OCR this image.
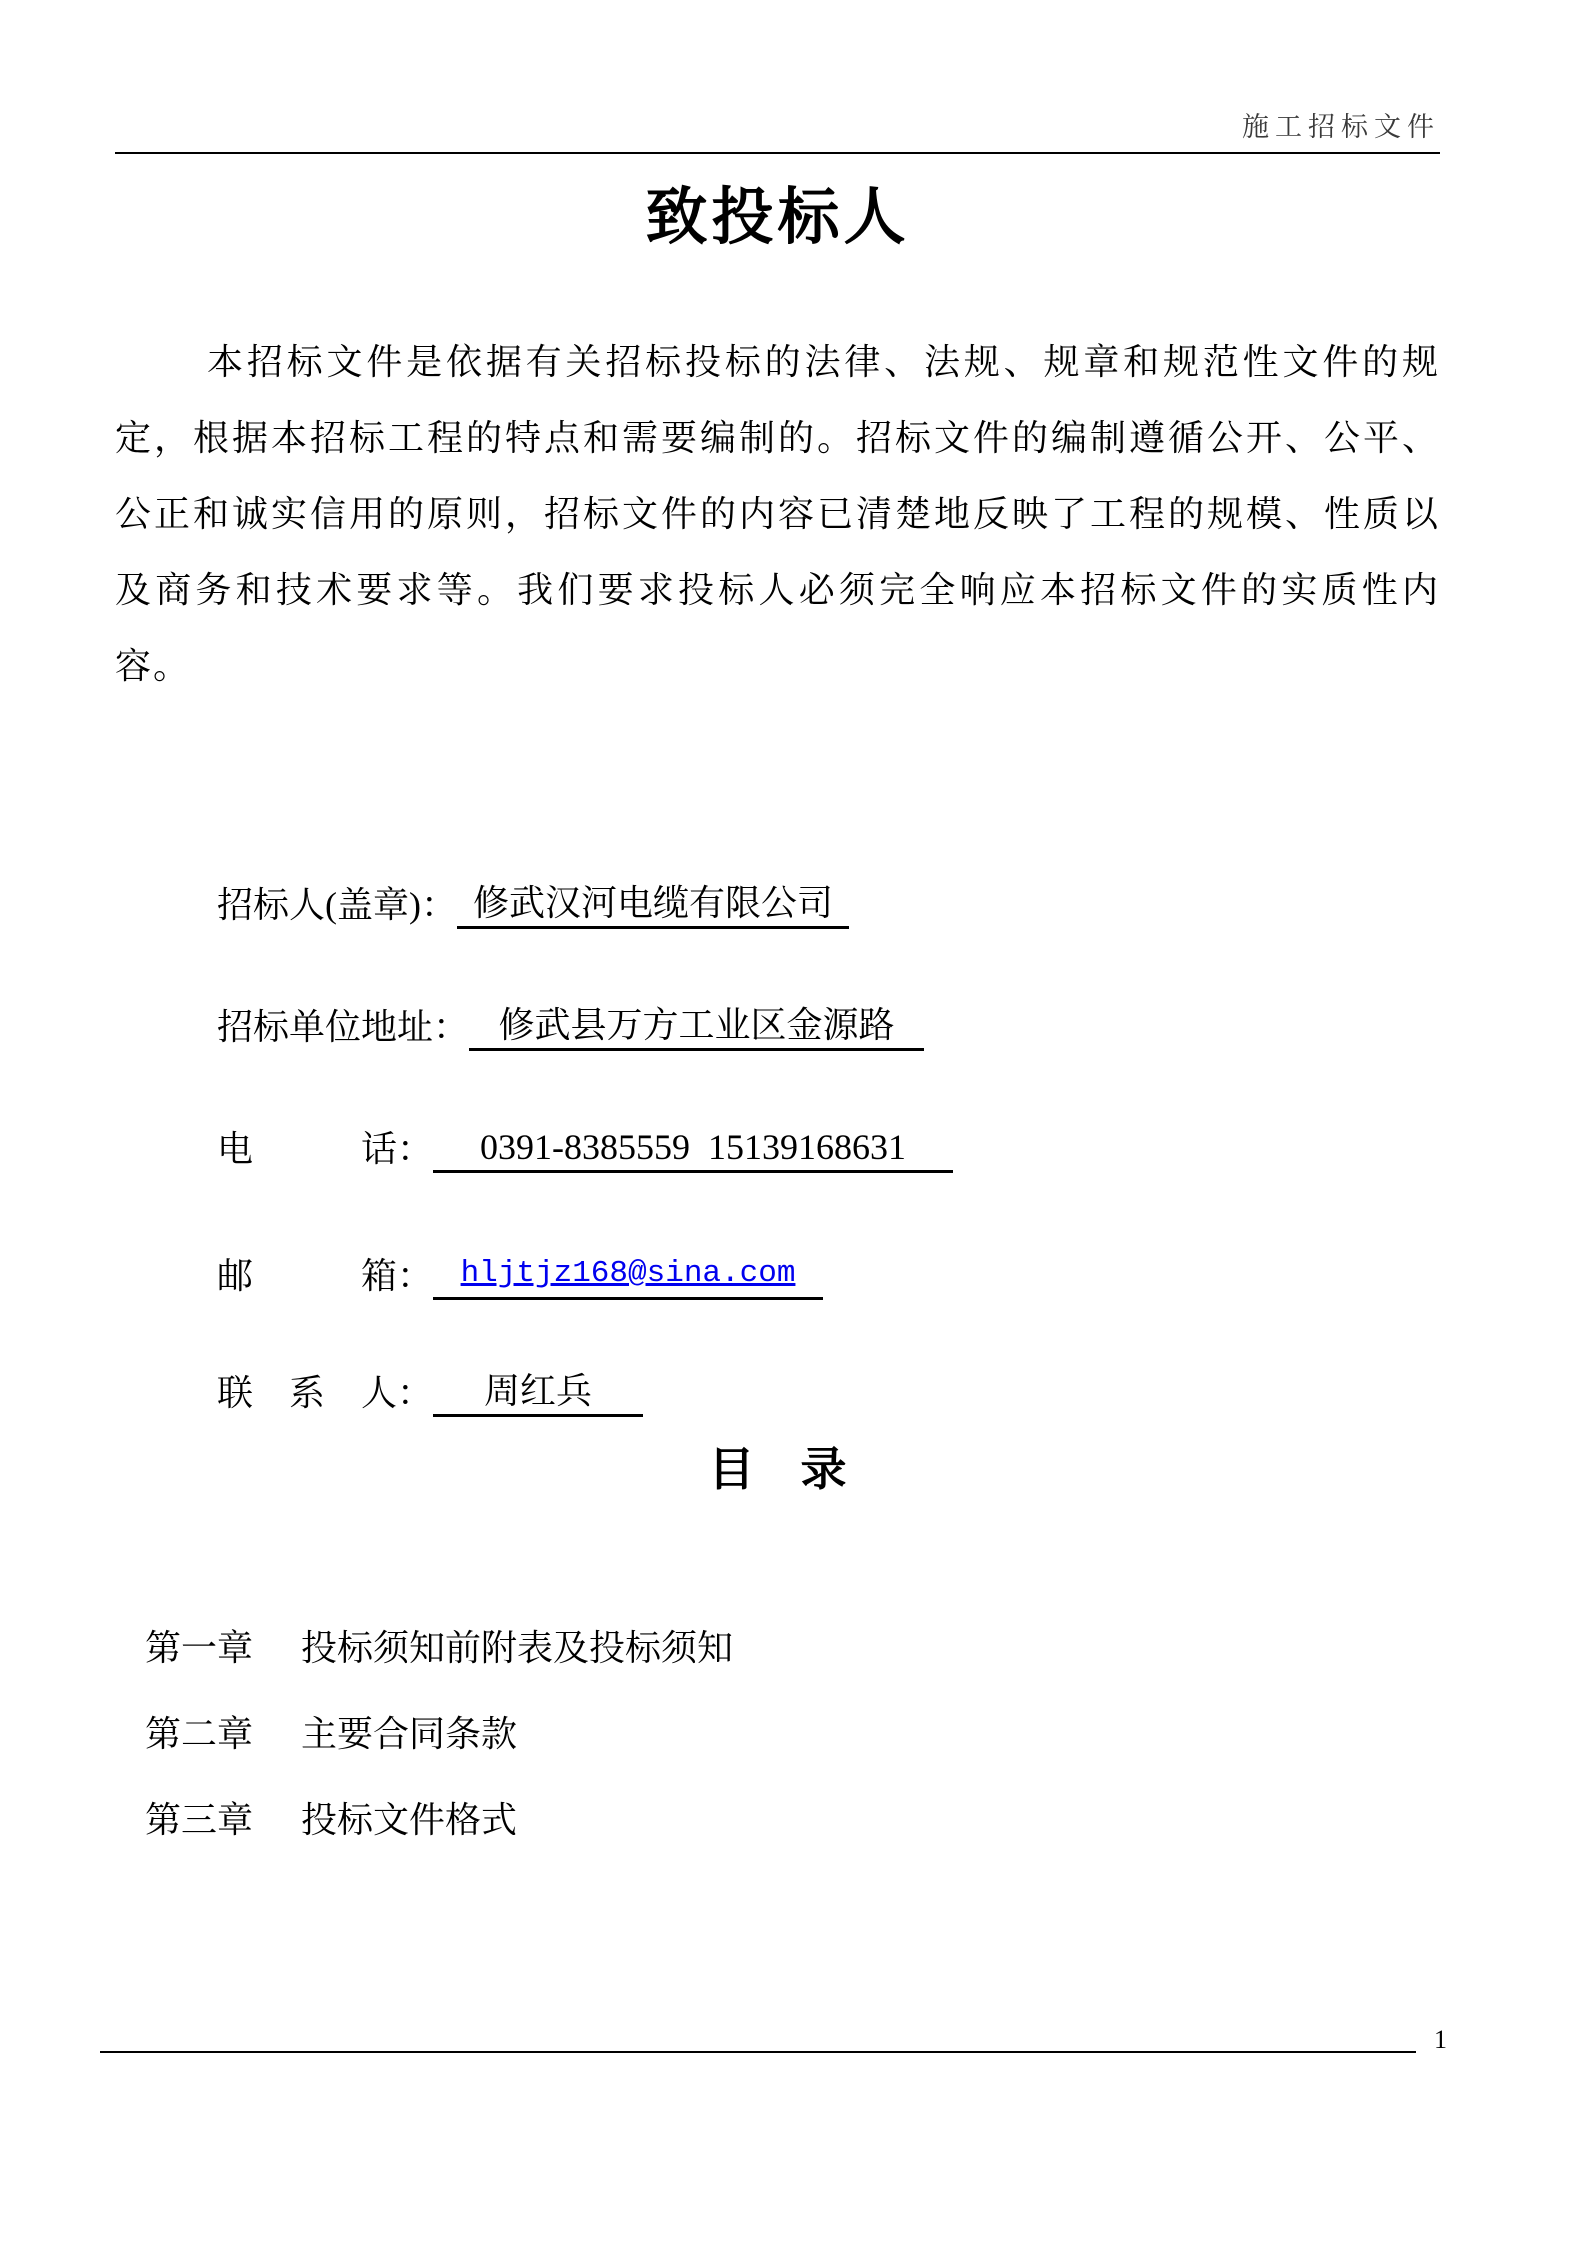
施工招标文件
致投标人

本招标文件是依据有关招标投标的法律、法规、规章和规范性文件的规定，根据本招标工程的特点和需要编制的。招标文件的编制遵循公开、公平、公正和诚实信用的原则，招标文件的内容已清楚地反映了工程的规模、性质以及商务和技术要求等。我们要求投标人必须完全响应本招标文件的实质性内容。

招标人(盖章)： 修武汉河电缆有限公司

招标单位地址： 修武县万方工业区金源路

电　　　话： 0391-8385559  15139168631

邮　　　箱： hljtjz168@sina.com

联　系　人： 周红兵

目　录
第一章 投标须知前附表及投标须知
第二章 主要合同条款
第三章 投标文件格式
1
